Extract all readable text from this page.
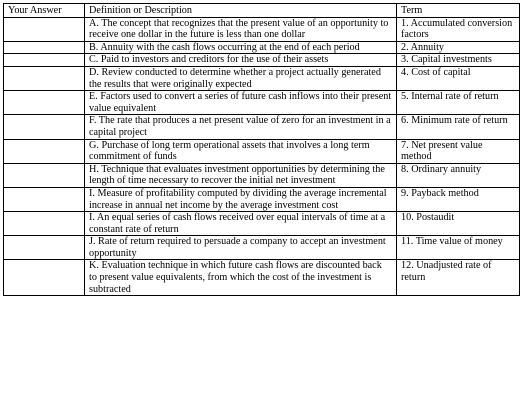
Your Answer	Definition or Description	Term
	A. The concept that recognizes that the present value of an opportunity to receive one dollar in the future is less than one dollar	1. Accumulated conversion factors
	B. Annuity with the cash flows occurring at the end of each period	2. Annuity
	C. Paid to investors and creditors for the use of their assets	3. Capital investments
	D. Review conducted to determine whether a project actually generated the results that were originally expected	4. Cost of capital
	E. Factors used to convert a series of future cash inflows into their present value equivalent	5. Internal rate of return
	F. The rate that produces a net present value of zero for an investment in a capital project	6. Minimum rate of return
	G. Purchase of long term operational assets that involves a long term commitment of funds	7. Net present value method
	H. Technique that evaluates investment opportunities by determining the length of time necessary to recover the initial net investment	8. Ordinary annuity
	I. Measure of profitability computed by dividing the average incremental increase in annual net income by the average investment cost	9. Payback method
	I. An equal series of cash flows received over equal intervals of time at a constant rate of return	10. Postaudit
	J. Rate of return required to persuade a company to accept an investment opportunity	11. Time value of money
	K. Evaluation technique in which future cash flows are discounted back to present value equivalents, from which the cost of the investment is subtracted	12. Unadjusted rate of return
